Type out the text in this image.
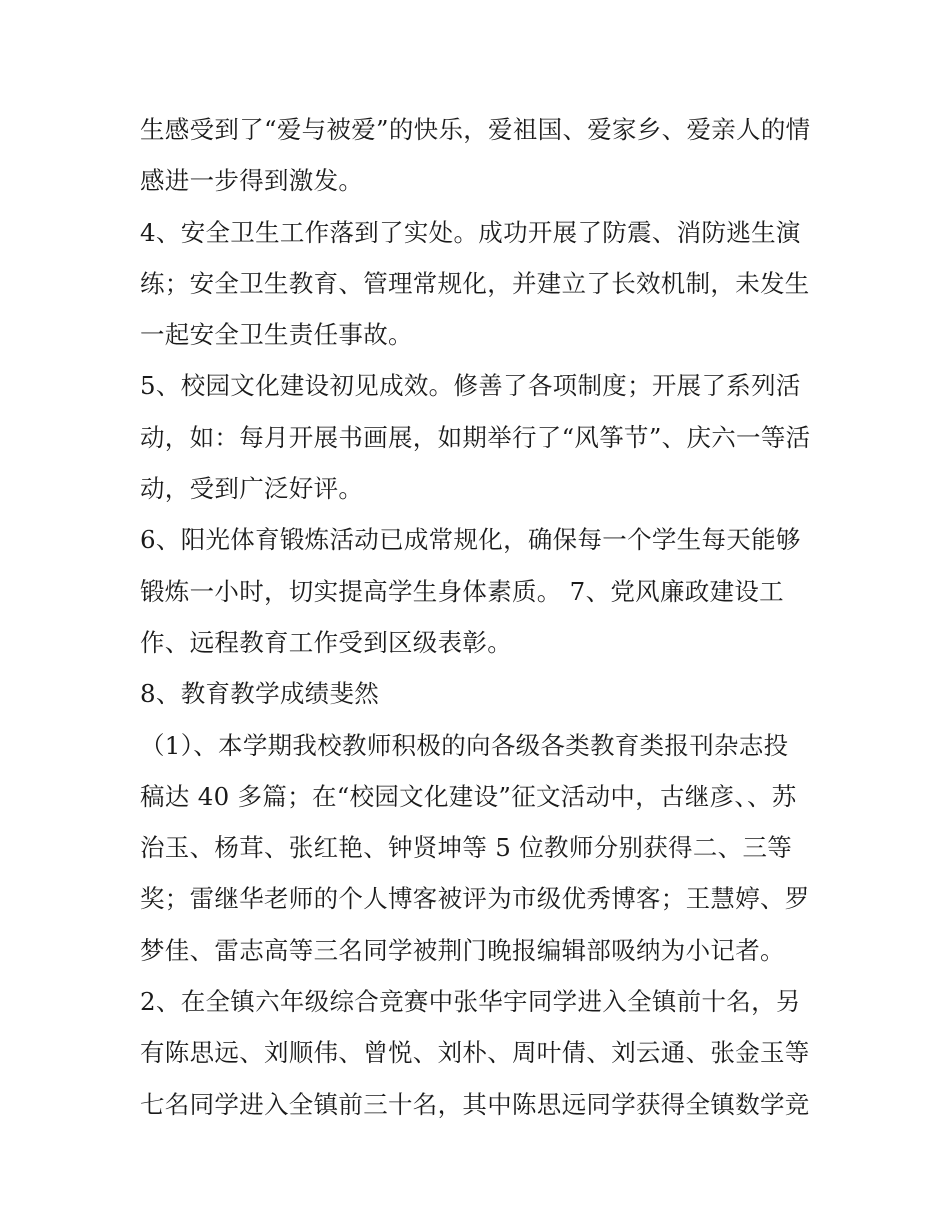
生感受到了“爱与被爱”的快乐，爱祖国、爱家乡、爱亲人的情
感进一步得到激发。
4、安全卫生工作落到了实处。成功开展了防震、消防逃生演
练；安全卫生教育、管理常规化，并建立了长效机制，未发生
一起安全卫生责任事故。
5、校园文化建设初见成效。修善了各项制度；开展了系列活
动，如：每月开展书画展，如期举行了“风筝节”、庆六一等活
动，受到广泛好评。
6、阳光体育锻炼活动已成常规化，确保每一个学生每天能够
锻炼一小时，切实提高学生身体素质。 7、党风廉政建设工
作、远程教育工作受到区级表彰。
8、教育教学成绩斐然
（1）、本学期我校教师积极的向各级各类教育类报刊杂志投
稿达 40 多篇；在“校园文化建设”征文活动中，古继彦、、苏
治玉、杨茸、张红艳、钟贤坤等 5 位教师分别获得二、三等
奖；雷继华老师的个人博客被评为市级优秀博客；王慧婷、罗
梦佳、雷志高等三名同学被荆门晚报编辑部吸纳为小记者。
2、在全镇六年级综合竞赛中张华宇同学进入全镇前十名，另
有陈思远、刘顺伟、曾悦、刘朴、周叶倩、刘云通、张金玉等
七名同学进入全镇前三十名，其中陈思远同学获得全镇数学竞
